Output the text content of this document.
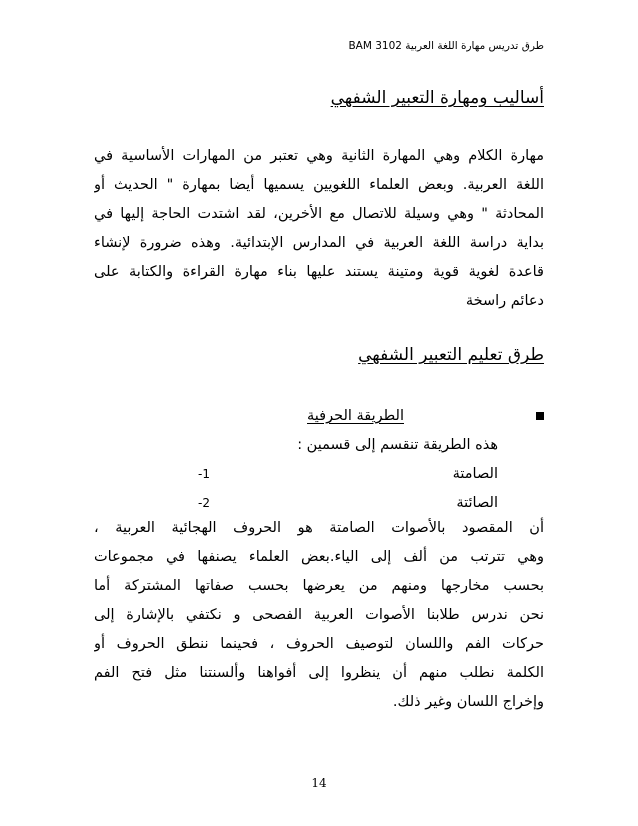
طرق تدريس مهارة اللغة العربية BAM 3102
أساليب ومهارة التعبير الشفهي
مهارة الكلام وهي المهارة الثانية وهي تعتبر من المهارات الأساسية في
اللغة العربية. وبعض العلماء اللغويين يسميها أيضا بمهارة " الحديث أو
المحادثة " وهي وسيلة للاتصال مع الأخرين، لقد اشتدت الحاجة إليها في
بداية دراسة اللغة العربية في المدارس الإبتدائية. وهذه ضرورة لإنشاء
قاعدة لغوية قوية ومتينة يستند عليها بناء مهارة القراءة والكتابة على
دعائم راسخة
طرق تعليم التعبير الشفهي
الطريقة الحرفية
هذه الطريقة تنقسم إلى قسمين :
الصامتة
-1
الصائتة
-2
أن المقصود بالأصوات الصامتة هو الحروف الهجائية العربية ،
وهي تترتب من ألف إلى الياء.بعض العلماء يصنفها في مجموعات
بحسب مخارجها ومنهم من يعرضها بحسب صفاتها المشتركة أما
نحن ندرس طلابنا الأصوات العربية الفصحى و نكتفي بالإشارة إلى
حركات الفم واللسان لتوصيف الحروف ، فحينما ننطق الحروف أو
الكلمة نطلب منهم أن ينظروا إلى أفواهنا وألسنتنا مثل فتح الفم
وإخراج اللسان وغير ذلك.
14
